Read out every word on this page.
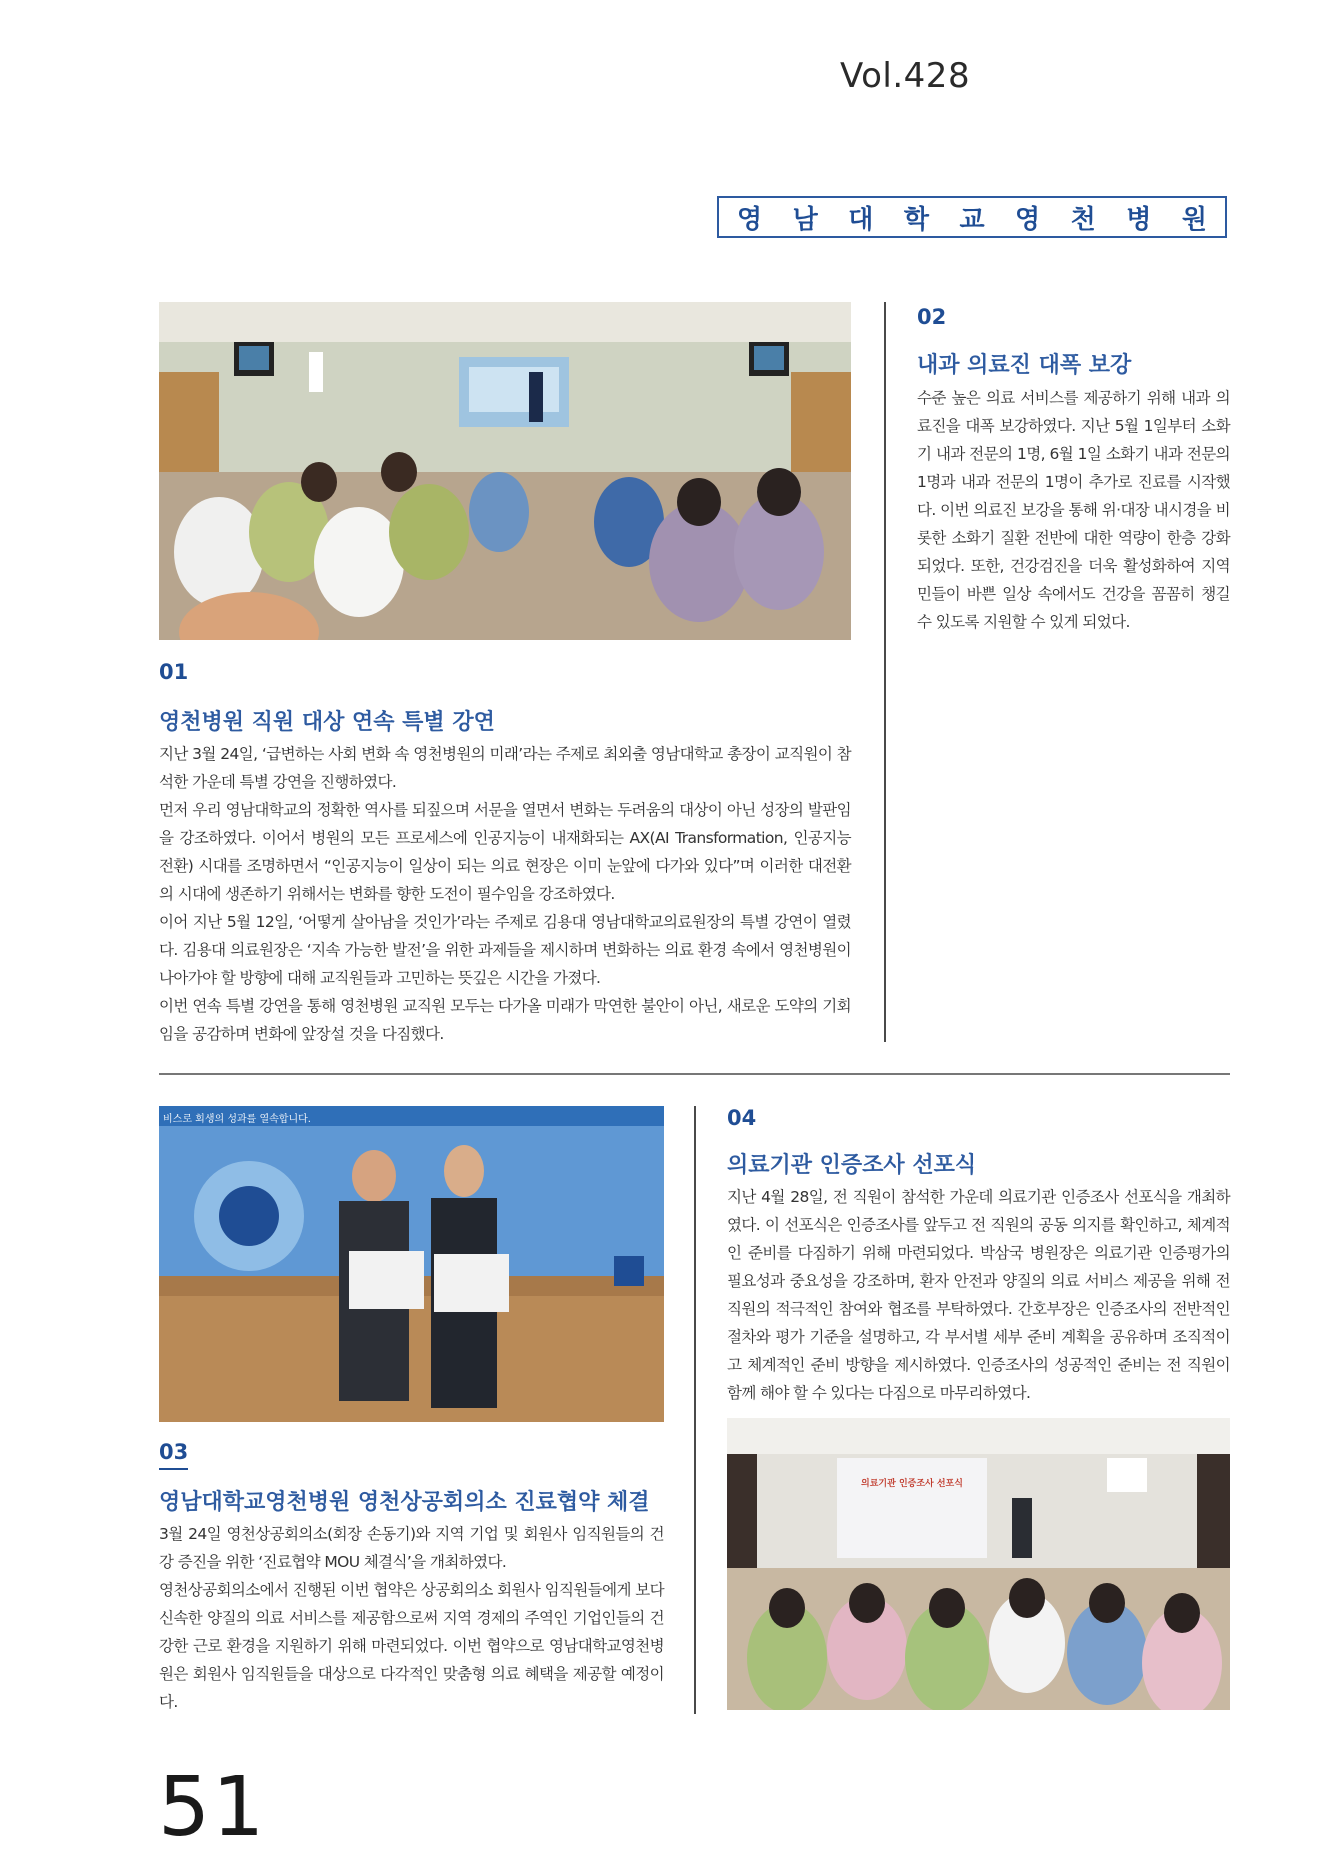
Vol.428
영 남 대 학 교 영 천 병 원
01
영천병원 직원 대상 연속 특별 강연

지난 3월 24일, ‘급변하는 사회 변화 속 영천병원의 미래’라는 주제로 최외출 영남대학교 총장이 교직원이 참석한 가운데 특별 강연을 진행하였다.

먼저 우리 영남대학교의 정확한 역사를 되짚으며 서문을 열면서 변화는 두려움의 대상이 아닌 성장의 발판임을 강조하였다. 이어서 병원의 모든 프로세스에 인공지능이 내재화되는 AX(AI Transformation, 인공지능 전환) 시대를 조명하면서 “인공지능이 일상이 되는 의료 현장은 이미 눈앞에 다가와 있다”며 이러한 대전환의 시대에 생존하기 위해서는 변화를 향한 도전이 필수임을 강조하였다.

이어 지난 5월 12일, ‘어떻게 살아남을 것인가’라는 주제로 김용대 영남대학교의료원장의 특별 강연이 열렸다. 김용대 의료원장은 ‘지속 가능한 발전’을 위한 과제들을 제시하며 변화하는 의료 환경 속에서 영천병원이 나아가야 할 방향에 대해 교직원들과 고민하는 뜻깊은 시간을 가졌다.

이번 연속 특별 강연을 통해 영천병원 교직원 모두는 다가올 미래가 막연한 불안이 아닌, 새로운 도약의 기회임을 공감하며 변화에 앞장설 것을 다짐했다.

02
내과 의료진 대폭 보강

수준 높은 의료 서비스를 제공하기 위해 내과 의료진을 대폭 보강하였다. 지난 5월 1일부터 소화기 내과 전문의 1명, 6월 1일 소화기 내과 전문의 1명과 내과 전문의 1명이 추가로 진료를 시작했다. 이번 의료진 보강을 통해 위·대장 내시경을 비롯한 소화기 질환 전반에 대한 역량이 한층 강화되었다. 또한, 건강검진을 더욱 활성화하여 지역민들이 바쁜 일상 속에서도 건강을 꼼꼼히 챙길 수 있도록 지원할 수 있게 되었다.

비스로 회생의 성과를 열속합니다.
03
영남대학교영천병원 영천상공회의소 진료협약 체결

3월 24일 영천상공회의소(회장 손동기)와 지역 기업 및 회원사 임직원들의 건강 증진을 위한 ‘진료협약 MOU 체결식’을 개최하였다.

영천상공회의소에서 진행된 이번 협약은 상공회의소 회원사 임직원들에게 보다 신속한 양질의 의료 서비스를 제공함으로써 지역 경제의 주역인 기업인들의 건강한 근로 환경을 지원하기 위해 마련되었다. 이번 협약으로 영남대학교영천병원은 회원사 임직원들을 대상으로 다각적인 맞춤형 의료 혜택을 제공할 예정이다.

04
의료기관 인증조사 선포식

지난 4월 28일, 전 직원이 참석한 가운데 의료기관 인증조사 선포식을 개최하였다. 이 선포식은 인증조사를 앞두고 전 직원의 공동 의지를 확인하고, 체계적인 준비를 다짐하기 위해 마련되었다. 박삼국 병원장은 의료기관 인증평가의 필요성과 중요성을 강조하며, 환자 안전과 양질의 의료 서비스 제공을 위해 전 직원의 적극적인 참여와 협조를 부탁하였다. 간호부장은 인증조사의 전반적인 절차와 평가 기준을 설명하고, 각 부서별 세부 준비 계획을 공유하며 조직적이고 체계적인 준비 방향을 제시하였다. 인증조사의 성공적인 준비는 전 직원이 함께 해야 할 수 있다는 다짐으로 마무리하였다.

의료기관 인증조사 선포식
51
